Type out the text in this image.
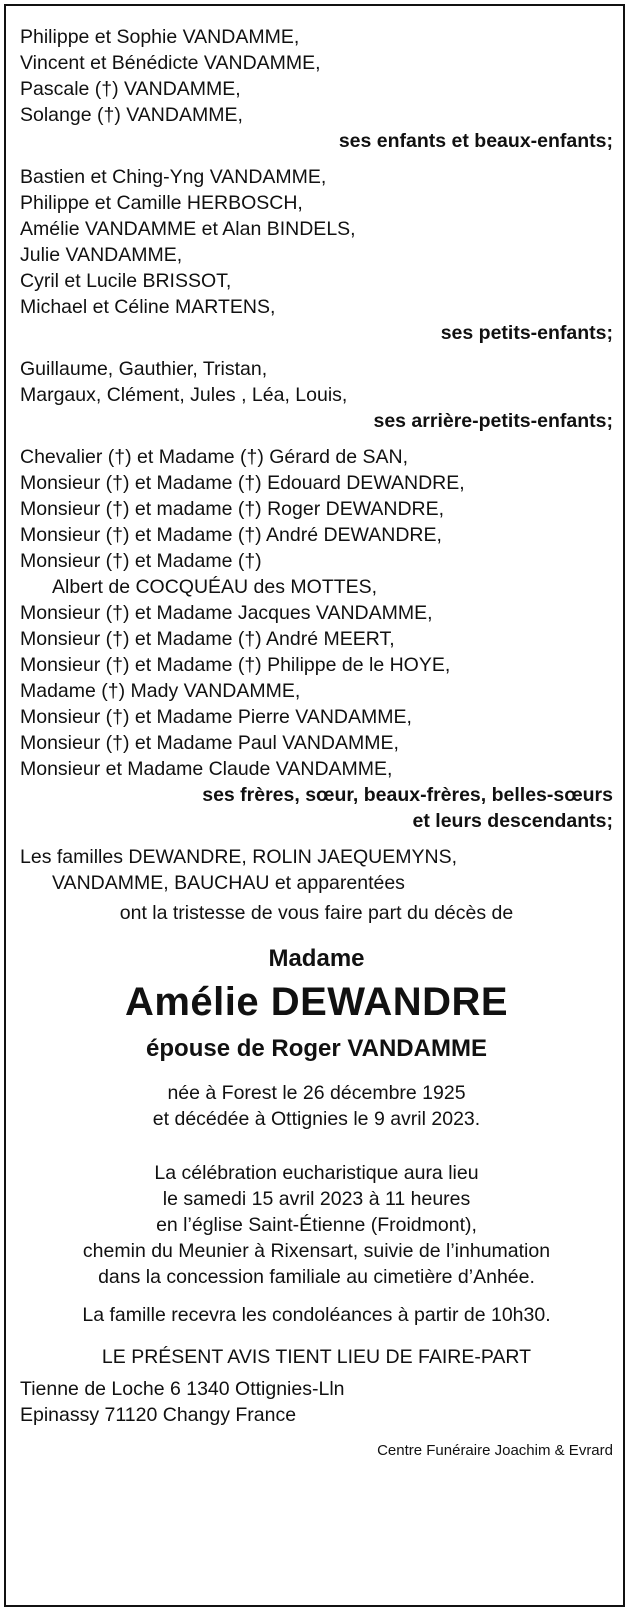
Philippe et Sophie VANDAMME,
Vincent et Bénédicte VANDAMME,
Pascale (†) VANDAMME,
Solange (†) VANDAMME,
ses enfants et beaux-enfants;
Bastien et Ching-Yng VANDAMME,
Philippe et Camille HERBOSCH,
Amélie VANDAMME et Alan BINDELS,
Julie VANDAMME,
Cyril et Lucile BRISSOT,
Michael et Céline MARTENS,
ses petits-enfants;
Guillaume, Gauthier, Tristan,
Margaux, Clément, Jules , Léa, Louis,
ses arrière-petits-enfants;
Chevalier (†) et Madame (†) Gérard de SAN,
Monsieur (†) et Madame (†) Edouard DEWANDRE,
Monsieur (†) et madame (†) Roger DEWANDRE,
Monsieur (†) et Madame (†) André DEWANDRE,
Monsieur (†) et Madame (†)
Albert de COCQUÉAU des MOTTES,
Monsieur (†) et Madame Jacques VANDAMME,
Monsieur (†) et Madame (†) André MEERT,
Monsieur (†) et Madame (†) Philippe de le HOYE,
Madame (†) Mady VANDAMME,
Monsieur (†) et Madame Pierre VANDAMME,
Monsieur (†) et Madame Paul VANDAMME,
Monsieur et Madame Claude VANDAMME,
ses frères, sœur, beaux-frères, belles-sœurs
et leurs descendants;
Les familles DEWANDRE, ROLIN JAEQUEMYNS,
VANDAMME, BAUCHAU et apparentées
ont la tristesse de vous faire part du décès de
Madame
Amélie DEWANDRE
épouse de Roger VANDAMME
née à Forest le 26 décembre 1925
et décédée à Ottignies le 9 avril 2023.
La célébration eucharistique aura lieu
le samedi 15 avril 2023 à 11 heures
en l’église Saint-Étienne (Froidmont),
chemin du Meunier à Rixensart, suivie de l’inhumation
dans la concession familiale au cimetière d’Anhée.
La famille recevra les condoléances à partir de 10h30.
LE PRÉSENT AVIS TIENT LIEU DE FAIRE-PART
Tienne de Loche 6 1340 Ottignies-Lln
Epinassy 71120 Changy France
Centre Funéraire Joachim & Evrard
